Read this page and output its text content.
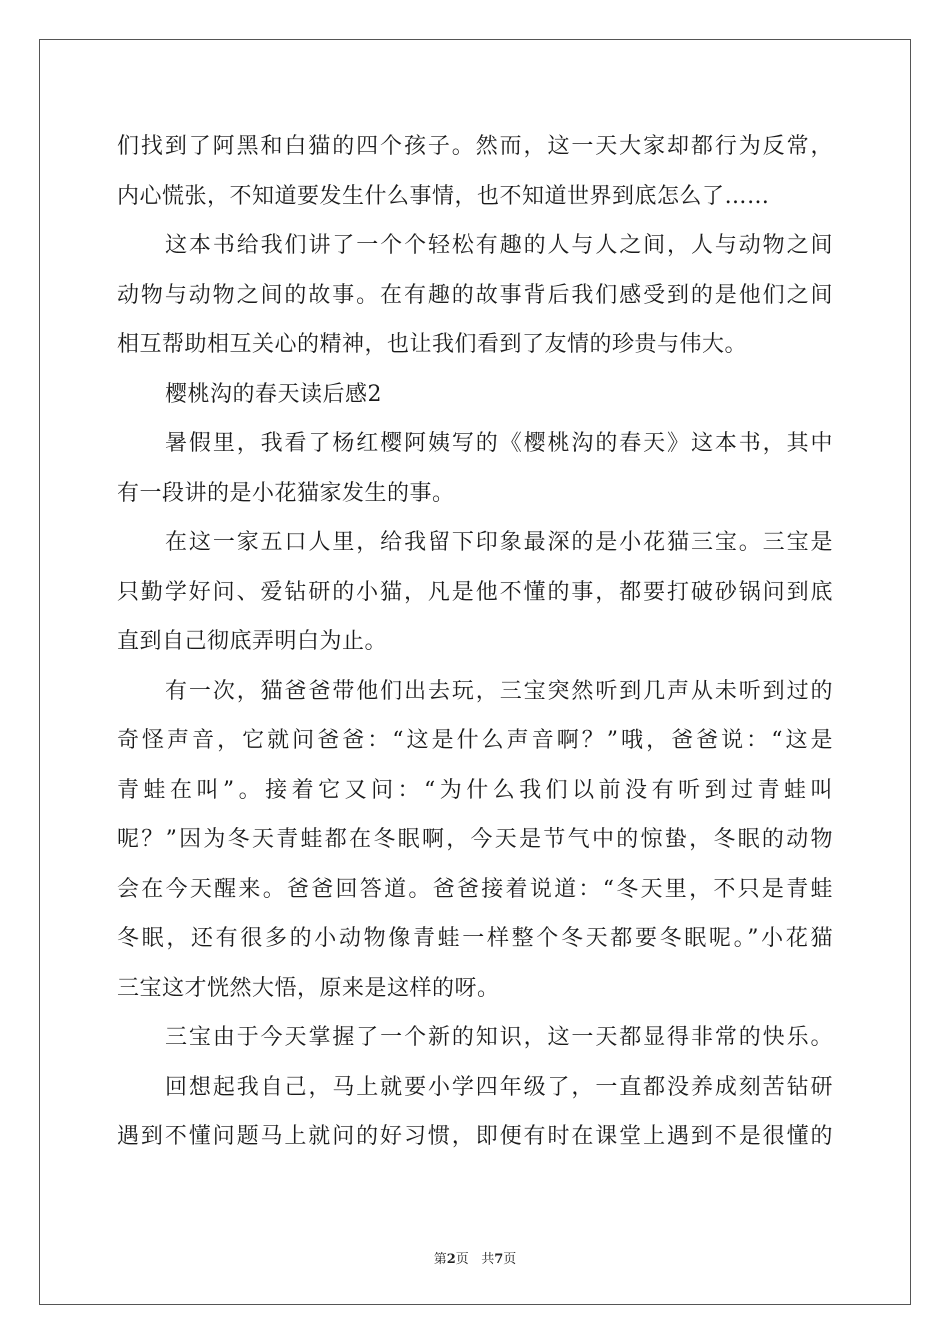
们找到了阿黑和白猫的四个孩子。然而，这一天大家却都行为反常，
内心慌张，不知道要发生什么事情，也不知道世界到底怎么了……
这本书给我们讲了一个个轻松有趣的人与人之间，人与动物之间
动物与动物之间的故事。在有趣的故事背后我们感受到的是他们之间
相互帮助相互关心的精神，也让我们看到了友情的珍贵与伟大。
樱桃沟的春天读后感2
暑假里，我看了杨红樱阿姨写的《樱桃沟的春天》这本书，其中
有一段讲的是小花猫家发生的事。
在这一家五口人里，给我留下印象最深的是小花猫三宝。三宝是
只勤学好问、爱钻研的小猫，凡是他不懂的事，都要打破砂锅问到底
直到自己彻底弄明白为止。
有一次，猫爸爸带他们出去玩，三宝突然听到几声从未听到过的
奇怪声音，它就问爸爸：“这是什么声音啊？”哦，爸爸说：“这是
青蛙在叫”。接着它又问：“为什么我们以前没有听到过青蛙叫
呢？”因为冬天青蛙都在冬眠啊，今天是节气中的惊蛰，冬眠的动物
会在今天醒来。爸爸回答道。爸爸接着说道：“冬天里，不只是青蛙
冬眠，还有很多的小动物像青蛙一样整个冬天都要冬眠呢。”小花猫
三宝这才恍然大悟，原来是这样的呀。
三宝由于今天掌握了一个新的知识，这一天都显得非常的快乐。
回想起我自己，马上就要小学四年级了，一直都没养成刻苦钻研
遇到不懂问题马上就问的好习惯，即便有时在课堂上遇到不是很懂的
第2页 共7页
